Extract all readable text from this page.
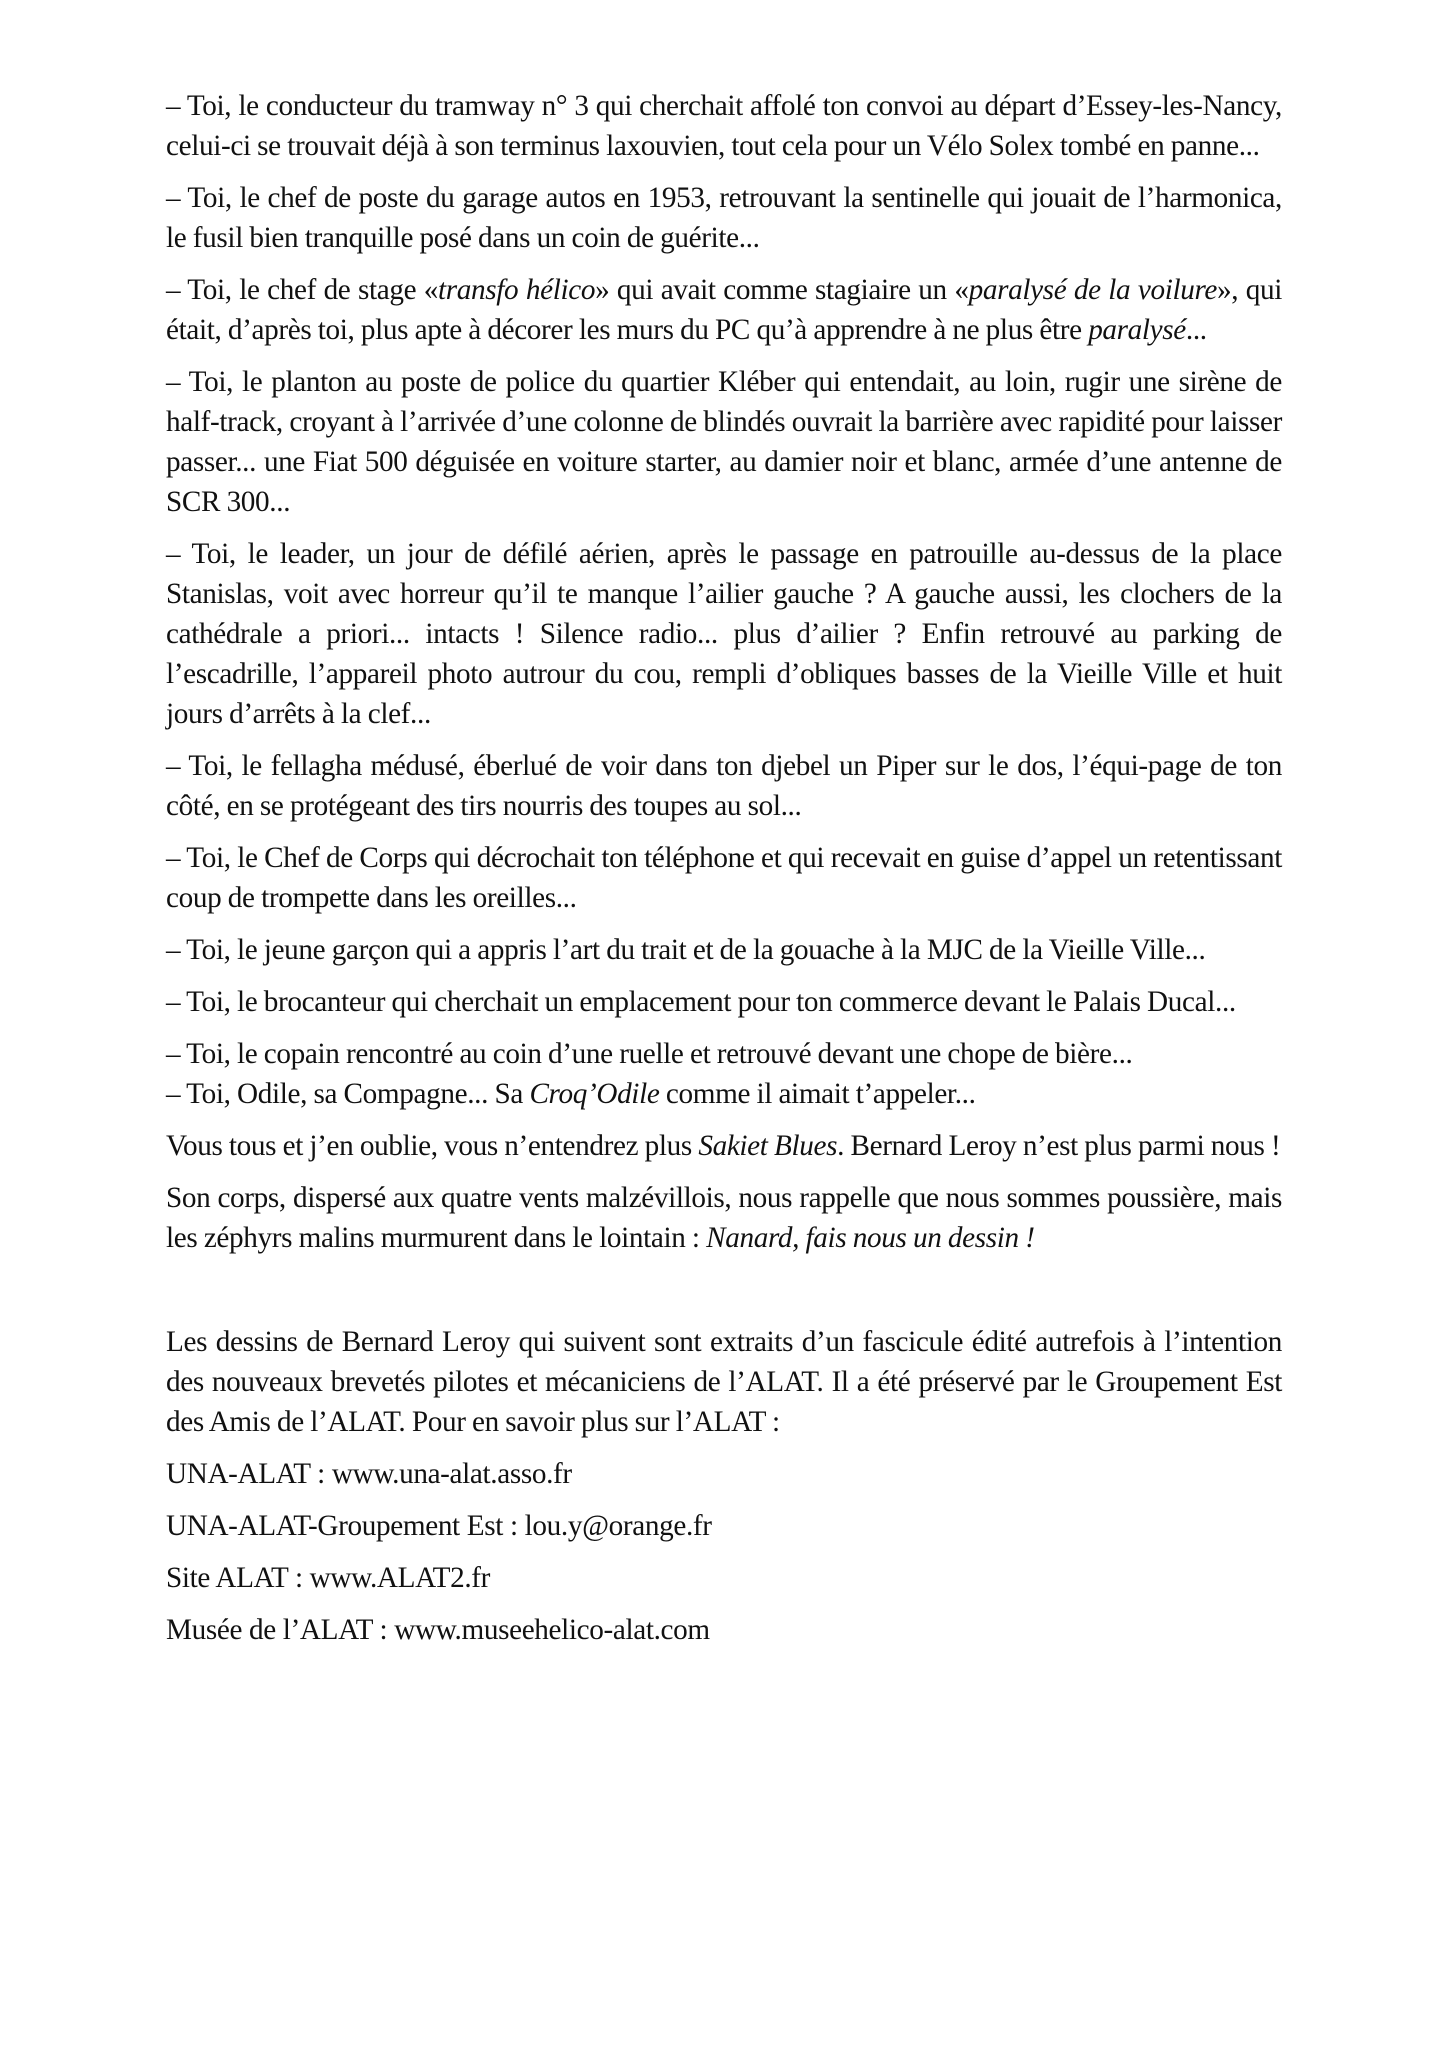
– Toi, le conducteur du tramway n° 3 qui cherchait affolé ton convoi au départ d’Essey-les-Nancy, celui-ci se trouvait déjà à son terminus laxouvien, tout cela pour un Vélo Solex tombé en panne...

– Toi, le chef de poste du garage autos en 1953, retrouvant la sentinelle qui jouait de l’harmonica, le fusil bien tranquille posé dans un coin de guérite...

– Toi, le chef de stage «transfo hélico» qui avait comme stagiaire un «paralysé de la voilure», qui était, d’après toi, plus apte à décorer les murs du PC qu’à apprendre à ne plus être paralysé...

– Toi, le planton au poste de police du quartier Kléber qui entendait, au loin, rugir une sirène de half-track, croyant à l’arrivée d’une colonne de blindés ouvrait la barrière avec rapidité pour laisser passer... une Fiat 500 déguisée en voiture starter, au damier noir et blanc, armée d’une antenne de SCR 300...

– Toi, le leader, un jour de défilé aérien, après le passage en patrouille au-dessus de la place Stanislas, voit avec horreur qu’il te manque l’ailier gauche ? A gauche aussi, les clochers de la cathédrale a priori... intacts ! Silence radio... plus d’ailier ? Enfin retrouvé au parking de l’escadrille, l’appareil photo autrour du cou, rempli d’obliques basses de la Vieille Ville et huit jours d’arrêts à la clef...

– Toi, le fellagha médusé, éberlué de voir dans ton djebel un Piper sur le dos, l’équi-page de ton côté, en se protégeant des tirs nourris des toupes au sol...

– Toi, le Chef de Corps qui décrochait ton téléphone et qui recevait en guise d’appel un retentissant coup de trompette dans les oreilles...

– Toi, le jeune garçon qui a appris l’art du trait et de la gouache à la MJC de la Vieille Ville...

– Toi, le brocanteur qui cherchait un emplacement pour ton commerce devant le Palais Ducal...

– Toi, le copain rencontré au coin d’une ruelle et retrouvé devant une chope de bière...

– Toi, Odile, sa Compagne... Sa Croq’Odile comme il aimait t’appeler...

Vous tous et j’en oublie, vous n’entendrez plus Sakiet Blues. Bernard Leroy n’est plus parmi nous !

Son corps, dispersé aux quatre vents malzévillois, nous rappelle que nous sommes poussière, mais les zéphyrs malins murmurent dans le lointain : Nanard, fais nous un dessin !

Les dessins de Bernard Leroy qui suivent sont extraits d’un fascicule édité autrefois à l’intention des nouveaux brevetés pilotes et mécaniciens de l’ALAT. Il a été préservé par le Groupement Est des Amis de l’ALAT. Pour en savoir plus sur l’ALAT :

UNA-ALAT : www.una-alat.asso.fr

UNA-ALAT-Groupement Est : lou.y@orange.fr

Site ALAT : www.ALAT2.fr

Musée de l’ALAT : www.museehelico-alat.com
